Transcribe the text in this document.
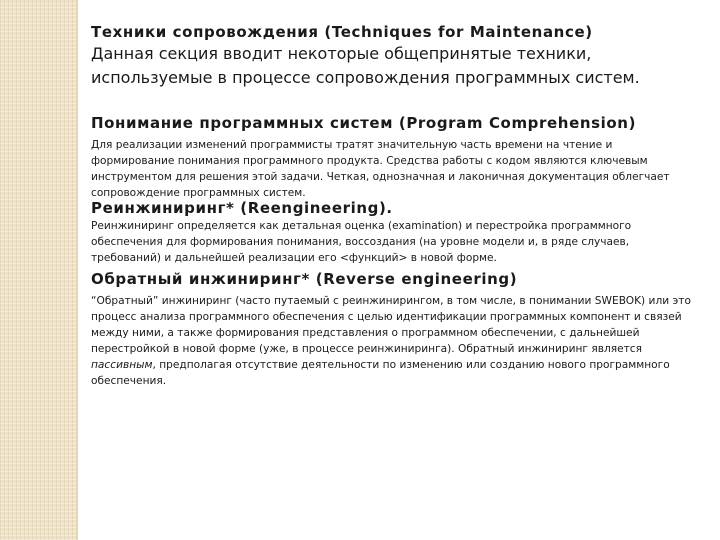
Техники сопровождения (Techniques for Maintenance)

Данная секция вводит некоторые общепринятые техники, используемые в процессе сопровождения программных систем.

Понимание программных систем (Program Comprehension)

Для реализации изменений программисты тратят значительную часть времени на чтение и формирование понимания программного продукта. Средства работы с кодом являются ключевым инструментом для решения этой задачи. Четкая, однозначная и лаконичная документация облегчает сопровождение программных систем.

Реинжиниринг* (Reengineering).

Реинжиниринг определяется как детальная оценка (examination) и перестройка программного обеспечения для формирования понимания, воссоздания (на уровне модели и, в ряде случаев, требований) и дальнейшей реализации его <функций> в новой форме.

Обратный инжиниринг* (Reverse engineering)

“Обратный” инжиниринг (часто путаемый с реинжинирингом, в том числе, в понимании SWEBOK) или это процесс анализа программного обеспечения с целью идентификации программных компонент и связей между ними, а также формирования представления о программном обеспечении, с дальнейшей перестройкой в новой форме (уже, в процессе реинжиниринга). Обратный инжиниринг является пассивным, предполагая отсутствие деятельности по изменению или созданию нового программного обеспечения.
